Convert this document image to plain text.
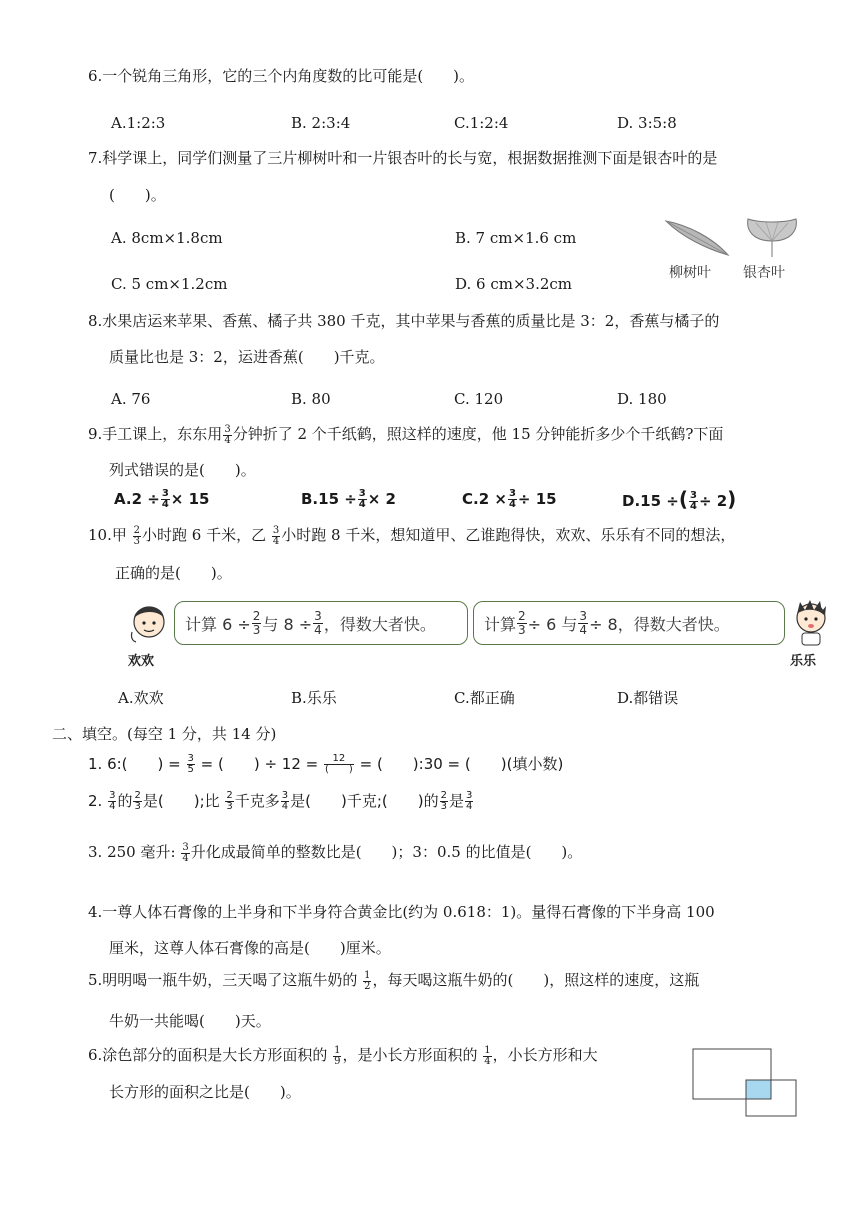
6.一个锐角三角形，它的三个内角度数的比可能是(　　)。
A.1:2:3	B. 2:3:4	C.1:2:4	D. 3:5:8
7.科学课上，同学们测量了三片柳树叶和一片银杏叶的长与宽，根据数据推测下面是银杏叶的是
(　　)。
A. 8cm×1.8cm	B. 7 cm×1.6 cm
C. 5 cm×1.2cm	D. 6 cm×3.2cm
柳树叶 银杏叶
8.水果店运来苹果、香蕉、橘子共 380 千克，其中苹果与香蕉的质量比是 3：2，香蕉与橘子的
质量比也是 3：2，运进香蕉(　　)千克。
A. 76	B. 80	C. 120	D. 180
9.手工课上，东东用 $\frac{3}{4}$ 分钟折了 2 个千纸鹤，照这样的速度，他 15 分钟能折多少个千纸鹤?下面
列式错误的是(　　)。
$A.2 \div \frac{3}{4} \times 15$	$B.15 \div \frac{3}{4} \times 2$	$C.2 \times \frac{3}{4} \div 15$	D.15 ÷( $\frac{3}{4} \div 2$)
10.甲 $\frac{2}{3}$ 小时跑 6 千米，乙 $\frac{3}{4}$ 小时跑 8 千米，想知道甲、乙谁跑得快，欢欢、乐乐有不同的想法，
正确的是(　　)。
欢欢
计算 $6 \div \frac{2}{3}$ 与 $8 \div \frac{3}{4}$ ，得数大者快。	计算 $\frac{2}{3} \div 6$ 与 $\frac{3}{4} \div 8$，得数大者快。
乐乐
A.欢欢	B.乐乐	C.都正确	D.都错误
二、填空。(每空 1 分，共 14 分)
1. 6:(　　) = $\frac{3}{5}$ = (　　) ÷ $12 = \frac{12}{( )}$ = (　　):30 = (　　)(填小数)
2. $\frac{3}{4}$ 的 $\frac{2}{3}$ 是(　　);比 $\frac{2}{3}$ 千克多 $\frac{3}{4}$ 是(　　)千克;(　　)的 $\frac{2}{3}$ 是 $\frac{3}{4}$
3. 250 毫升: $\frac{3}{4}$ 升化成最简单的整数比是(　　)；3：0.5 的比值是(　　)。
4.一尊人体石膏像的上半身和下半身符合黄金比(约为 0.618：1)。量得石膏像的下半身高 100
厘米，这尊人体石膏像的高是(　　)厘米。
5.明明喝一瓶牛奶，三天喝了这瓶牛奶的 $\frac{1}{2}$ ，每天喝这瓶牛奶的(　　)，照这样的速度，这瓶
牛奶一共能喝(　　)天。
6.涂色部分的面积是大长方形面积的 $\frac{1}{9}$ ，是小长方形面积的 $\frac{1}{4}$ ，小长方形和大
长方形的面积之比是(　　)。
